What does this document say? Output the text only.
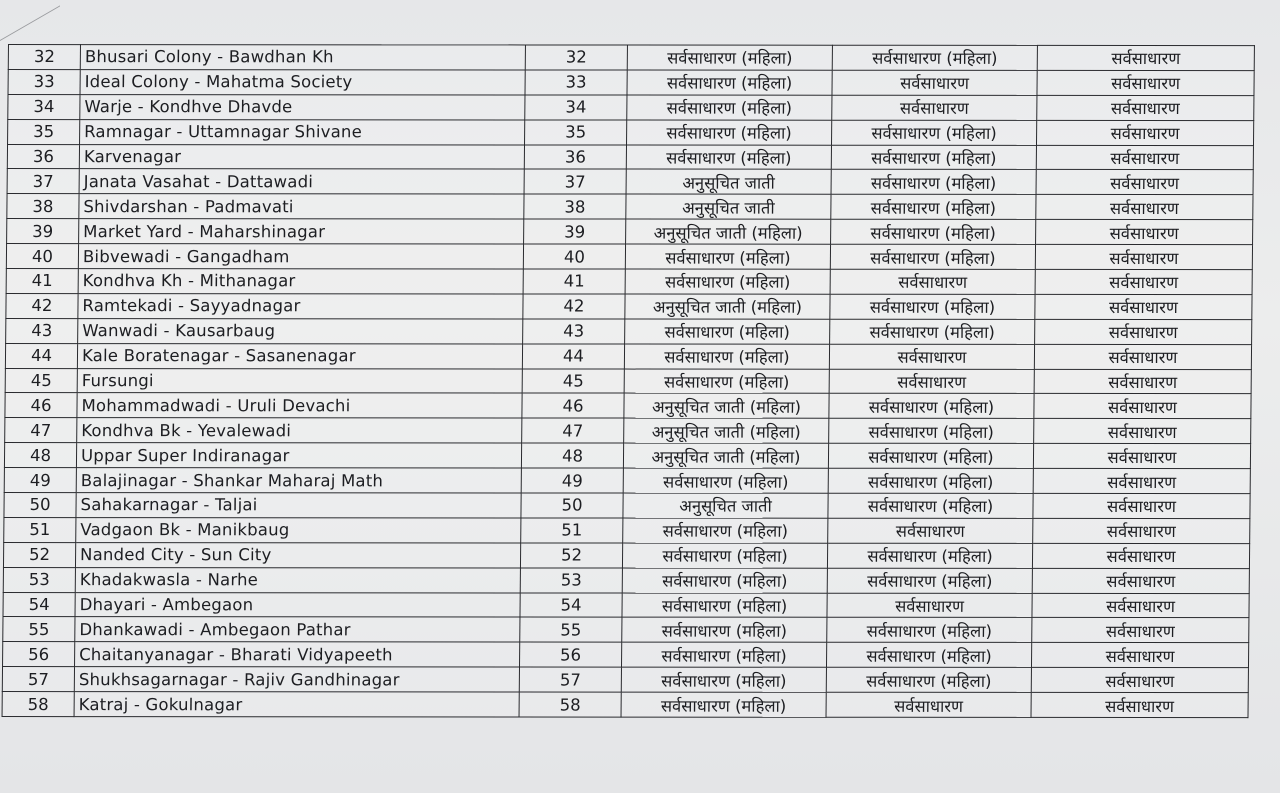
32	Bhusari Colony - Bawdhan Kh	32	सर्वसाधारण (महिला)	सर्वसाधारण (महिला)	सर्वसाधारण
33	Ideal Colony - Mahatma Society	33	सर्वसाधारण (महिला)	सर्वसाधारण	सर्वसाधारण
34	Warje - Kondhve Dhavde	34	सर्वसाधारण (महिला)	सर्वसाधारण	सर्वसाधारण
35	Ramnagar - Uttamnagar Shivane	35	सर्वसाधारण (महिला)	सर्वसाधारण (महिला)	सर्वसाधारण
36	Karvenagar	36	सर्वसाधारण (महिला)	सर्वसाधारण (महिला)	सर्वसाधारण
37	Janata Vasahat - Dattawadi	37	अनुसूचित जाती	सर्वसाधारण (महिला)	सर्वसाधारण
38	Shivdarshan - Padmavati	38	अनुसूचित जाती	सर्वसाधारण (महिला)	सर्वसाधारण
39	Market Yard - Maharshinagar	39	अनुसूचित जाती (महिला)	सर्वसाधारण (महिला)	सर्वसाधारण
40	Bibvewadi - Gangadham	40	सर्वसाधारण (महिला)	सर्वसाधारण (महिला)	सर्वसाधारण
41	Kondhva Kh - Mithanagar	41	सर्वसाधारण (महिला)	सर्वसाधारण	सर्वसाधारण
42	Ramtekadi - Sayyadnagar	42	अनुसूचित जाती (महिला)	सर्वसाधारण (महिला)	सर्वसाधारण
43	Wanwadi - Kausarbaug	43	सर्वसाधारण (महिला)	सर्वसाधारण (महिला)	सर्वसाधारण
44	Kale Boratenagar - Sasanenagar	44	सर्वसाधारण (महिला)	सर्वसाधारण	सर्वसाधारण
45	Fursungi	45	सर्वसाधारण (महिला)	सर्वसाधारण	सर्वसाधारण
46	Mohammadwadi - Uruli Devachi	46	अनुसूचित जाती (महिला)	सर्वसाधारण (महिला)	सर्वसाधारण
47	Kondhva Bk - Yevalewadi	47	अनुसूचित जाती (महिला)	सर्वसाधारण (महिला)	सर्वसाधारण
48	Uppar Super Indiranagar	48	अनुसूचित जाती (महिला)	सर्वसाधारण (महिला)	सर्वसाधारण
49	Balajinagar - Shankar Maharaj Math	49	सर्वसाधारण (महिला)	सर्वसाधारण (महिला)	सर्वसाधारण
50	Sahakarnagar - Taljai	50	अनुसूचित जाती	सर्वसाधारण (महिला)	सर्वसाधारण
51	Vadgaon Bk - Manikbaug	51	सर्वसाधारण (महिला)	सर्वसाधारण	सर्वसाधारण
52	Nanded City - Sun City	52	सर्वसाधारण (महिला)	सर्वसाधारण (महिला)	सर्वसाधारण
53	Khadakwasla - Narhe	53	सर्वसाधारण (महिला)	सर्वसाधारण (महिला)	सर्वसाधारण
54	Dhayari - Ambegaon	54	सर्वसाधारण (महिला)	सर्वसाधारण	सर्वसाधारण
55	Dhankawadi - Ambegaon Pathar	55	सर्वसाधारण (महिला)	सर्वसाधारण (महिला)	सर्वसाधारण
56	Chaitanyanagar - Bharati Vidyapeeth	56	सर्वसाधारण (महिला)	सर्वसाधारण (महिला)	सर्वसाधारण
57	Shukhsagarnagar - Rajiv Gandhinagar	57	सर्वसाधारण (महिला)	सर्वसाधारण (महिला)	सर्वसाधारण
58	Katraj - Gokulnagar	58	सर्वसाधारण (महिला)	सर्वसाधारण	सर्वसाधारण
